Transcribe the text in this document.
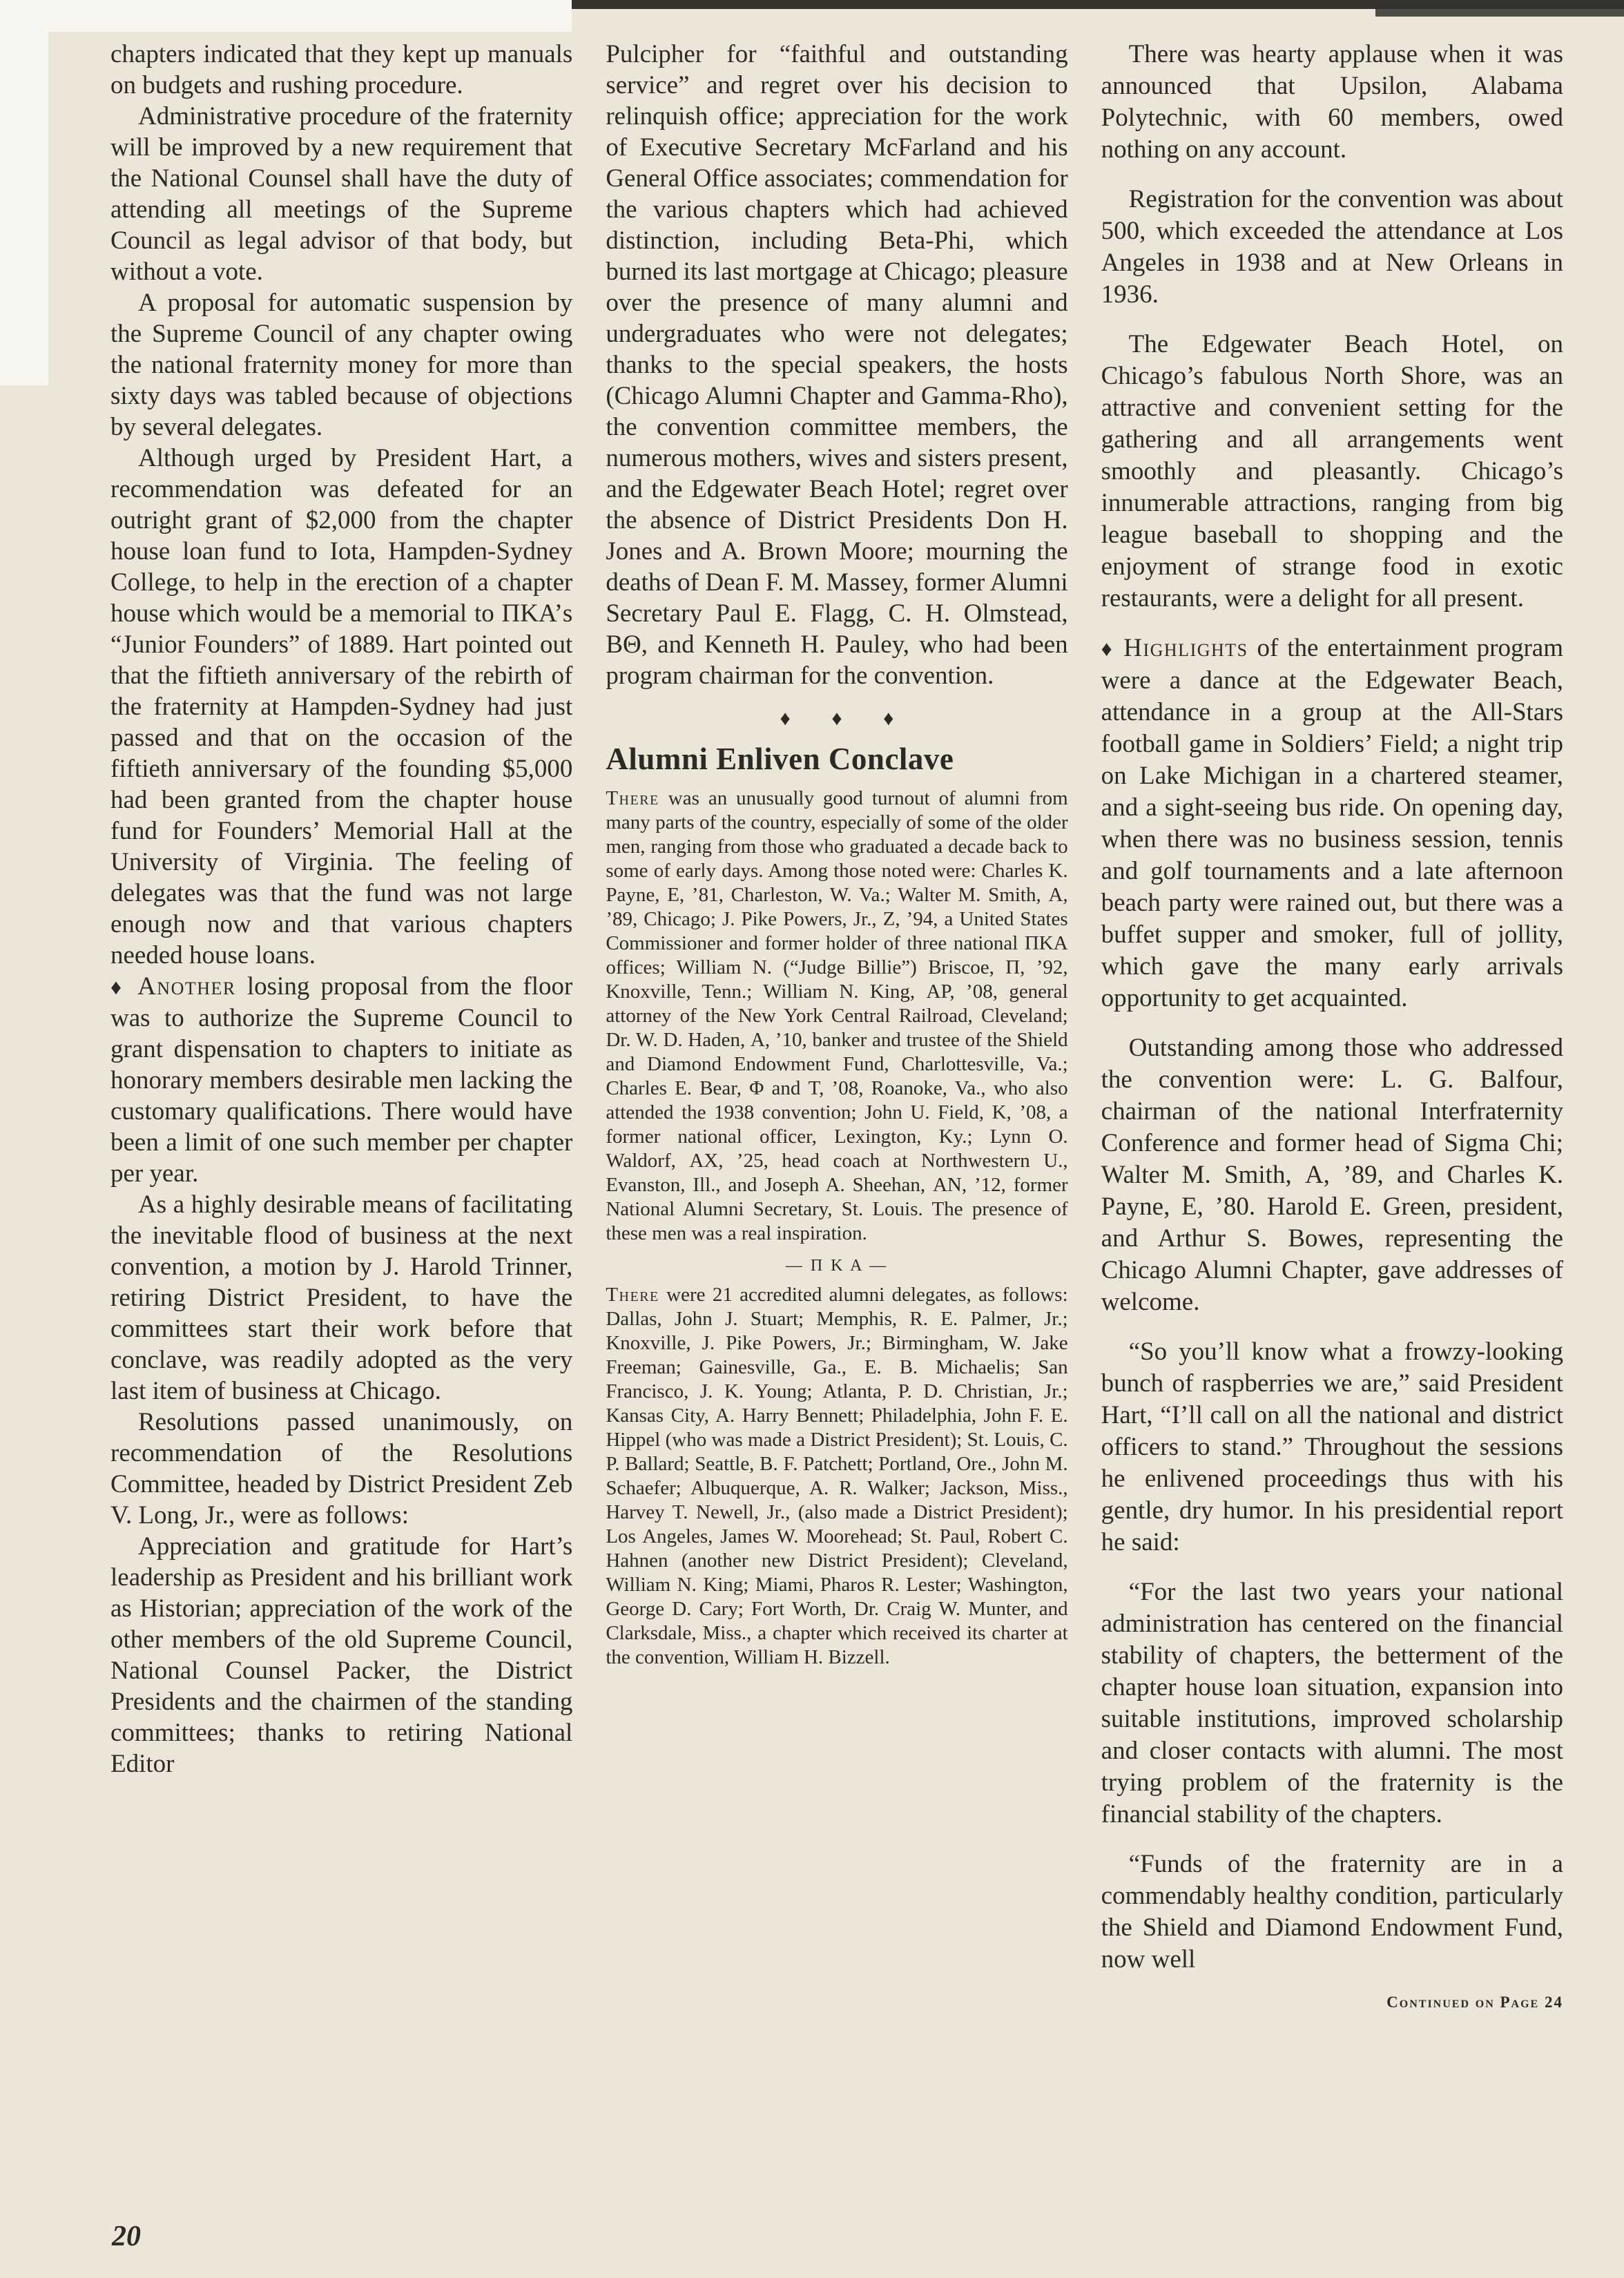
chapters indicated that they kept up manuals on budgets and rushing procedure.

Administrative procedure of the fraternity will be improved by a new requirement that the National Counsel shall have the duty of attending all meetings of the Supreme Council as legal advisor of that body, but without a vote.

A proposal for automatic suspension by the Supreme Council of any chapter owing the national fraternity money for more than sixty days was tabled because of objections by several delegates.

Although urged by President Hart, a recommendation was defeated for an outright grant of $2,000 from the chapter house loan fund to Iota, Hampden-Sydney College, to help in the erection of a chapter house which would be a memorial to ΠΚΑ’s “Junior Founders” of 1889. Hart pointed out that the fiftieth anniversary of the rebirth of the fraternity at Hampden-Sydney had just passed and that on the occasion of the fiftieth anniversary of the founding $5,000 had been granted from the chapter house fund for Founders’ Memorial Hall at the University of Virginia. The feeling of delegates was that the fund was not large enough now and that various chapters needed house loans.

♦ Another losing proposal from the floor was to authorize the Supreme Council to grant dispensation to chapters to initiate as honorary members desirable men lacking the customary qualifications. There would have been a limit of one such member per chapter per year.

As a highly desirable means of facilitating the inevitable flood of business at the next convention, a motion by J. Harold Trinner, retiring District President, to have the committees start their work before that conclave, was readily adopted as the very last item of business at Chicago.

Resolutions passed unanimously, on recommendation of the Resolutions Committee, headed by District President Zeb V. Long, Jr., were as follows:

Appreciation and gratitude for Hart’s leadership as President and his brilliant work as Historian; appreciation of the work of the other members of the old Supreme Council, National Counsel Packer, the District Presidents and the chairmen of the standing committees; thanks to retiring National Editor

Pulcipher for “faithful and outstanding service” and regret over his decision to relinquish office; appreciation for the work of Executive Secretary McFarland and his General Office associates; commendation for the various chapters which had achieved distinction, including Beta-Phi, which burned its last mortgage at Chicago; pleasure over the presence of many alumni and undergraduates who were not delegates; thanks to the special speakers, the hosts (Chicago Alumni Chapter and Gamma-Rho), the convention committee members, the numerous mothers, wives and sisters present, and the Edgewater Beach Hotel; regret over the absence of District Presidents Don H. Jones and A. Brown Moore; mourning the deaths of Dean F. M. Massey, former Alumni Secretary Paul E. Flagg, C. H. Olmstead, ΒΘ, and Kenneth H. Pauley, who had been program chairman for the convention.

♦ ♦ ♦
Alumni Enliven Conclave

There was an unusually good turnout of alumni from many parts of the country, especially of some of the older men, ranging from those who graduated a decade back to some of early days. Among those noted were: Charles K. Payne, Ε, ’81, Charleston, W. Va.; Walter M. Smith, Α, ’89, Chicago; J. Pike Powers, Jr., Ζ, ’94, a United States Commissioner and former holder of three national ΠΚΑ offices; William N. (“Judge Billie”) Briscoe, Π, ’92, Knoxville, Tenn.; William N. King, ΑΡ, ’08, general attorney of the New York Central Railroad, Cleveland; Dr. W. D. Haden, Α, ’10, banker and trustee of the Shield and Diamond Endowment Fund, Charlottesville, Va.; Charles E. Bear, Φ and Τ, ’08, Roanoke, Va., who also attended the 1938 convention; John U. Field, Κ, ’08, a former national officer, Lexington, Ky.; Lynn O. Waldorf, ΑΧ, ’25, head coach at Northwestern U., Evanston, Ill., and Joseph A. Sheehan, ΑΝ, ’12, former National Alumni Secretary, St. Louis. The presence of these men was a real inspiration.

— Π Κ Α —

There were 21 accredited alumni delegates, as follows: Dallas, John J. Stuart; Memphis, R. E. Palmer, Jr.; Knoxville, J. Pike Powers, Jr.; Birmingham, W. Jake Freeman; Gainesville, Ga., E. B. Michaelis; San Francisco, J. K. Young; Atlanta, P. D. Christian, Jr.; Kansas City, A. Harry Bennett; Philadelphia, John F. E. Hippel (who was made a District President); St. Louis, C. P. Ballard; Seattle, B. F. Patchett; Portland, Ore., John M. Schaefer; Albuquerque, A. R. Walker; Jackson, Miss., Harvey T. Newell, Jr., (also made a District President); Los Angeles, James W. Moorehead; St. Paul, Robert C. Hahnen (another new District President); Cleveland, William N. King; Miami, Pharos R. Lester; Washington, George D. Cary; Fort Worth, Dr. Craig W. Munter, and Clarksdale, Miss., a chapter which received its charter at the convention, William H. Bizzell.

There was hearty applause when it was announced that Upsilon, Alabama Polytechnic, with 60 members, owed nothing on any account.

Registration for the convention was about 500, which exceeded the attendance at Los Angeles in 1938 and at New Orleans in 1936.

The Edgewater Beach Hotel, on Chicago’s fabulous North Shore, was an attractive and convenient setting for the gathering and all arrangements went smoothly and pleasantly. Chicago’s innumerable attractions, ranging from big league baseball to shopping and the enjoyment of strange food in exotic restaurants, were a delight for all present.

♦ Highlights of the entertainment program were a dance at the Edgewater Beach, attendance in a group at the All-Stars football game in Soldiers’ Field; a night trip on Lake Michigan in a chartered steamer, and a sight-seeing bus ride. On opening day, when there was no business session, tennis and golf tournaments and a late afternoon beach party were rained out, but there was a buffet supper and smoker, full of jollity, which gave the many early arrivals opportunity to get acquainted.

Outstanding among those who addressed the convention were: L. G. Balfour, chairman of the national Interfraternity Conference and former head of Sigma Chi; Walter M. Smith, Α, ’89, and Charles K. Payne, Ε, ’80. Harold E. Green, president, and Arthur S. Bowes, representing the Chicago Alumni Chapter, gave addresses of welcome.

“So you’ll know what a frowzy-looking bunch of raspberries we are,” said President Hart, “I’ll call on all the national and district officers to stand.” Throughout the sessions he enlivened proceedings thus with his gentle, dry humor. In his presidential report he said:

“For the last two years your national administration has centered on the financial stability of chapters, the betterment of the chapter house loan situation, expansion into suitable institutions, improved scholarship and closer contacts with alumni. The most trying problem of the fraternity is the financial stability of the chapters.

“Funds of the fraternity are in a commendably healthy condition, particularly the Shield and Diamond Endowment Fund, now well

Continued on Page 24
20
